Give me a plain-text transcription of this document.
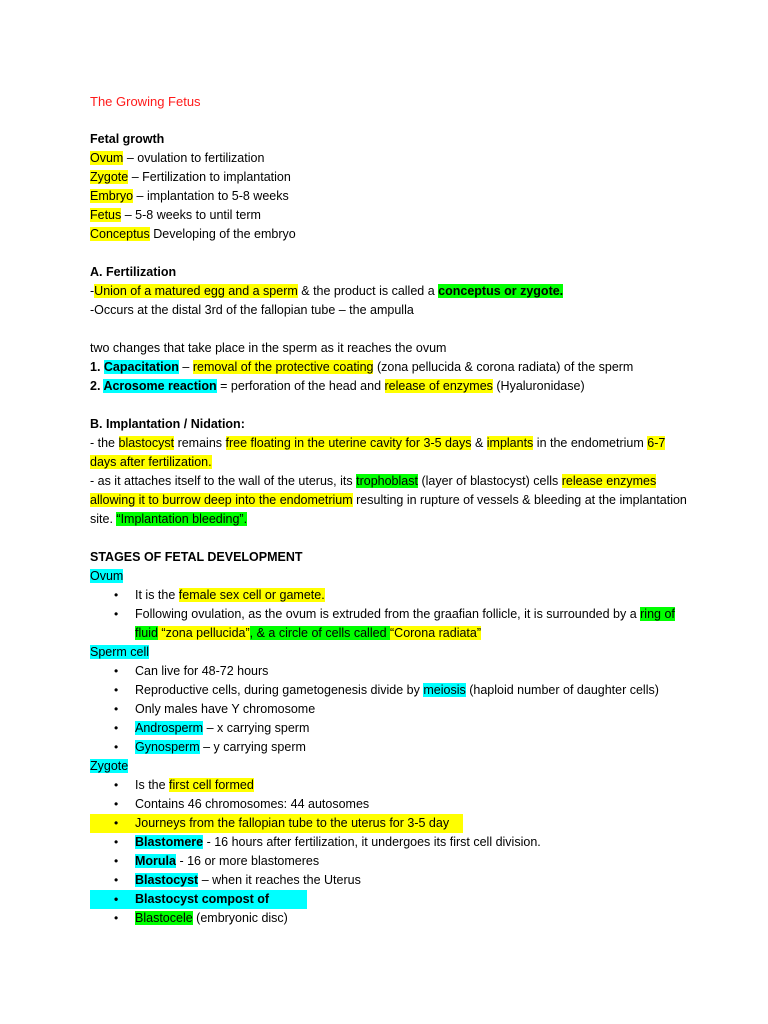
The Growing Fetus
Fetal growth
Ovum – ovulation to fertilization
Zygote – Fertilization to implantation
Embryo – implantation to 5-8 weeks
Fetus – 5-8 weeks to until term
Conceptus Developing of the embryo
A. Fertilization
-Union of a matured egg and a sperm & the product is called a conceptus or zygote.
-Occurs at the distal 3rd of the fallopian tube – the ampulla
two changes that take place in the sperm as it reaches the ovum
1. Capacitation – removal of the protective coating (zona pellucida & corona radiata) of the sperm
2. Acrosome reaction = perforation of the head and release of enzymes (Hyaluronidase)
B. Implantation / Nidation:
- the blastocyst remains free floating in the uterine cavity for 3-5 days & implants in the endometrium 6-7 days after fertilization.
- as it attaches itself to the wall of the uterus, its trophoblast (layer of blastocyst) cells release enzymes allowing it to burrow deep into the endometrium resulting in rupture of vessels & bleeding at the implantation site. “Implantation bleeding”.
STAGES OF FETAL DEVELOPMENT
Ovum
• It is the female sex cell or gamete.
• Following ovulation, as the ovum is extruded from the graafian follicle, it is surrounded by a ring of fluid “zona pellucida”, & a circle of cells called “Corona radiata”
Sperm cell
• Can live for 48-72 hours
• Reproductive cells, during gametogenesis divide by meiosis (haploid number of daughter cells)
• Only males have Y chromosome
• Androsperm – x carrying sperm
• Gynosperm – y carrying sperm
Zygote
• Is the first cell formed
• Contains 46 chromosomes: 44 autosomes
• Journeys from the fallopian tube to the uterus for 3-5 day
• Blastomere - 16 hours after fertilization, it undergoes its first cell division.
• Morula - 16 or more blastomeres
• Blastocyst – when it reaches the Uterus
• Blastocyst compost of
• Blastocele (embryonic disc)
